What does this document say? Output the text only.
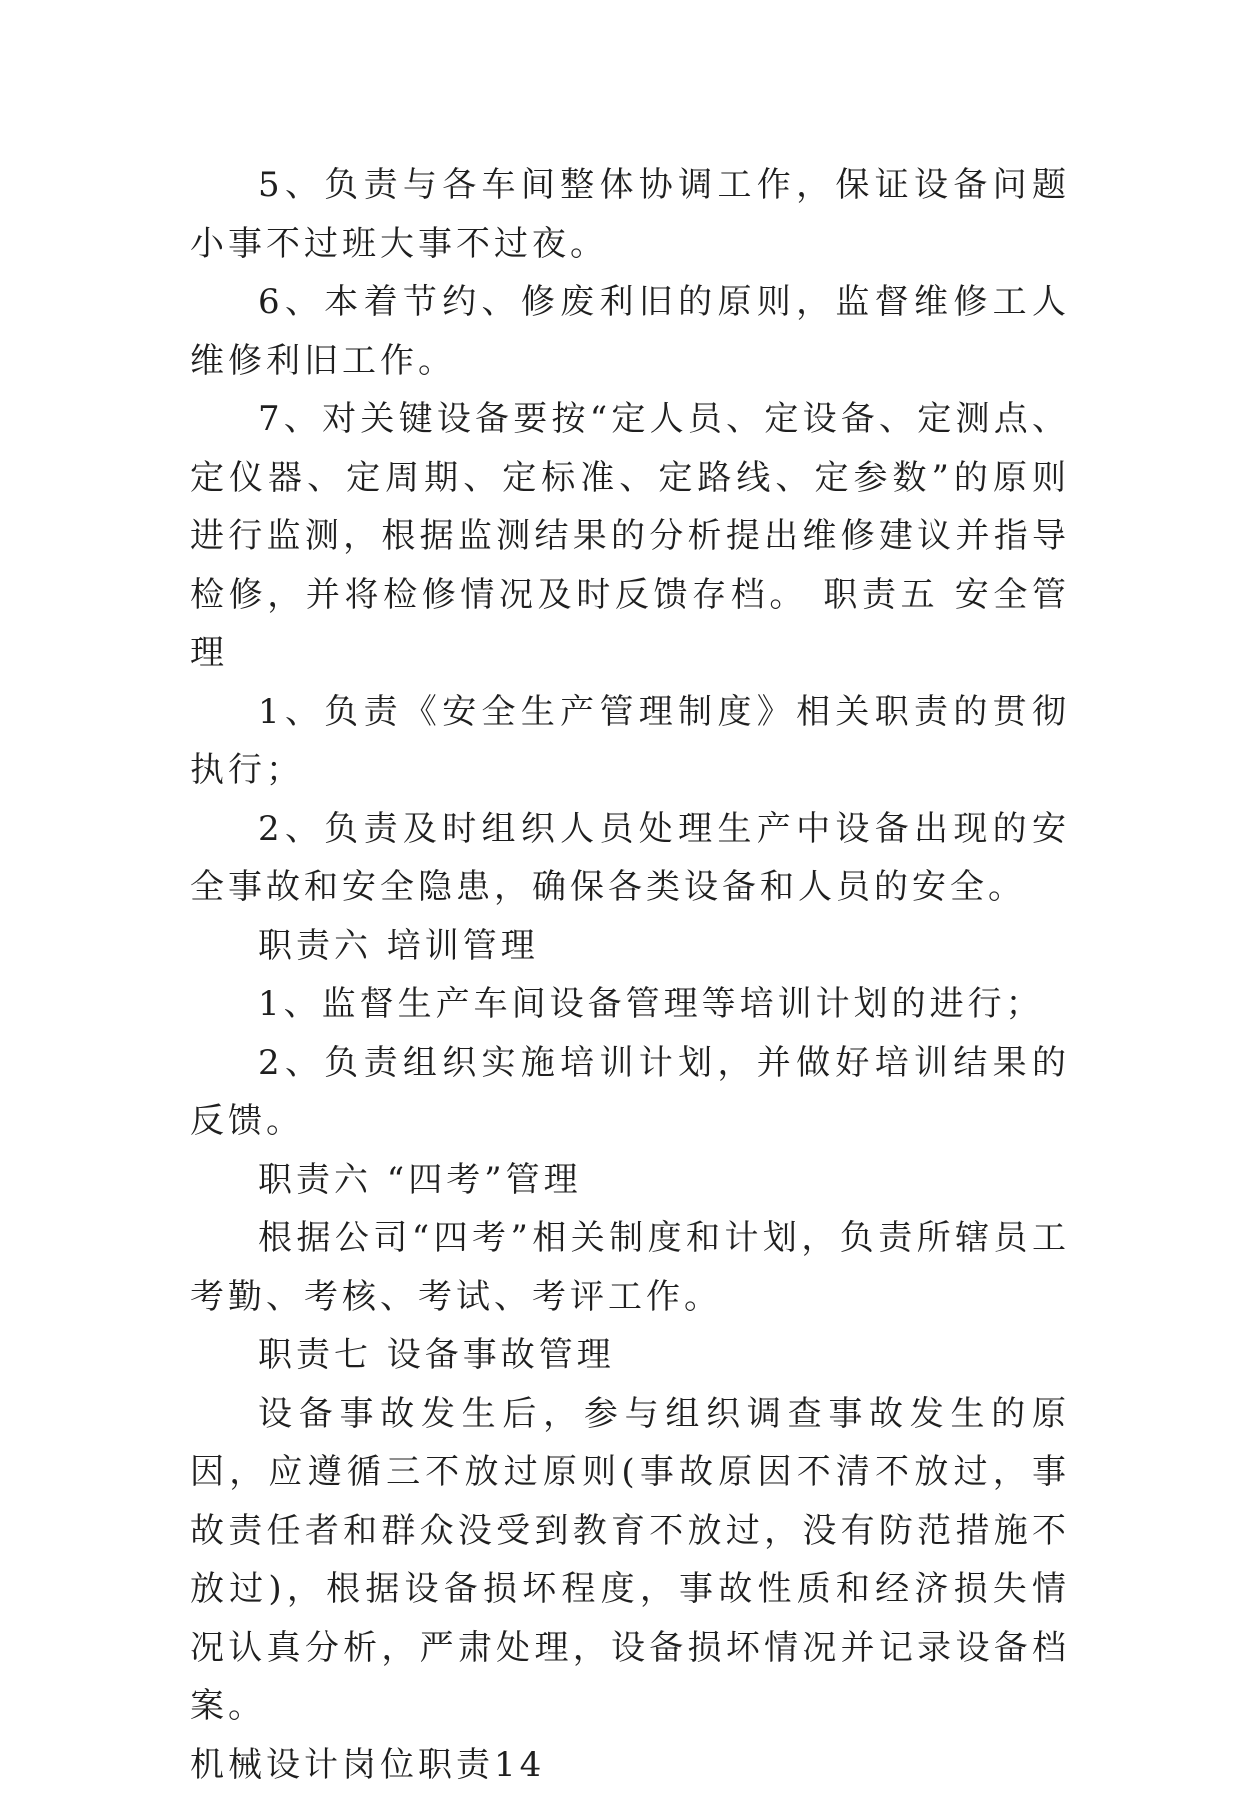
5、负责与各车间整体协调工作，保证设备问题小事不过班大事不过夜。

6、本着节约、修废利旧的原则，监督维修工人维修利旧工作。

7、对关键设备要按“定人员、定设备、定测点、定仪器、定周期、定标准、定路线、定参数”的原则进行监测，根据监测结果的分析提出维修建议并指导检修，并将检修情况及时反馈存档。 职责五 安全管理

1、负责《安全生产管理制度》相关职责的贯彻执行；

2、负责及时组织人员处理生产中设备出现的安全事故和安全隐患，确保各类设备和人员的安全。

职责六 培训管理

1、监督生产车间设备管理等培训计划的进行；

2、负责组织实施培训计划，并做好培训结果的反馈。

职责六 “四考”管理

根据公司“四考”相关制度和计划，负责所辖员工考勤、考核、考试、考评工作。

职责七 设备事故管理

设备事故发生后，参与组织调查事故发生的原因，应遵循三不放过原则(事故原因不清不放过，事故责任者和群众没受到教育不放过，没有防范措施不放过)，根据设备损坏程度，事故性质和经济损失情况认真分析，严肃处理，设备损坏情况并记录设备档案。

机械设计岗位职责14
